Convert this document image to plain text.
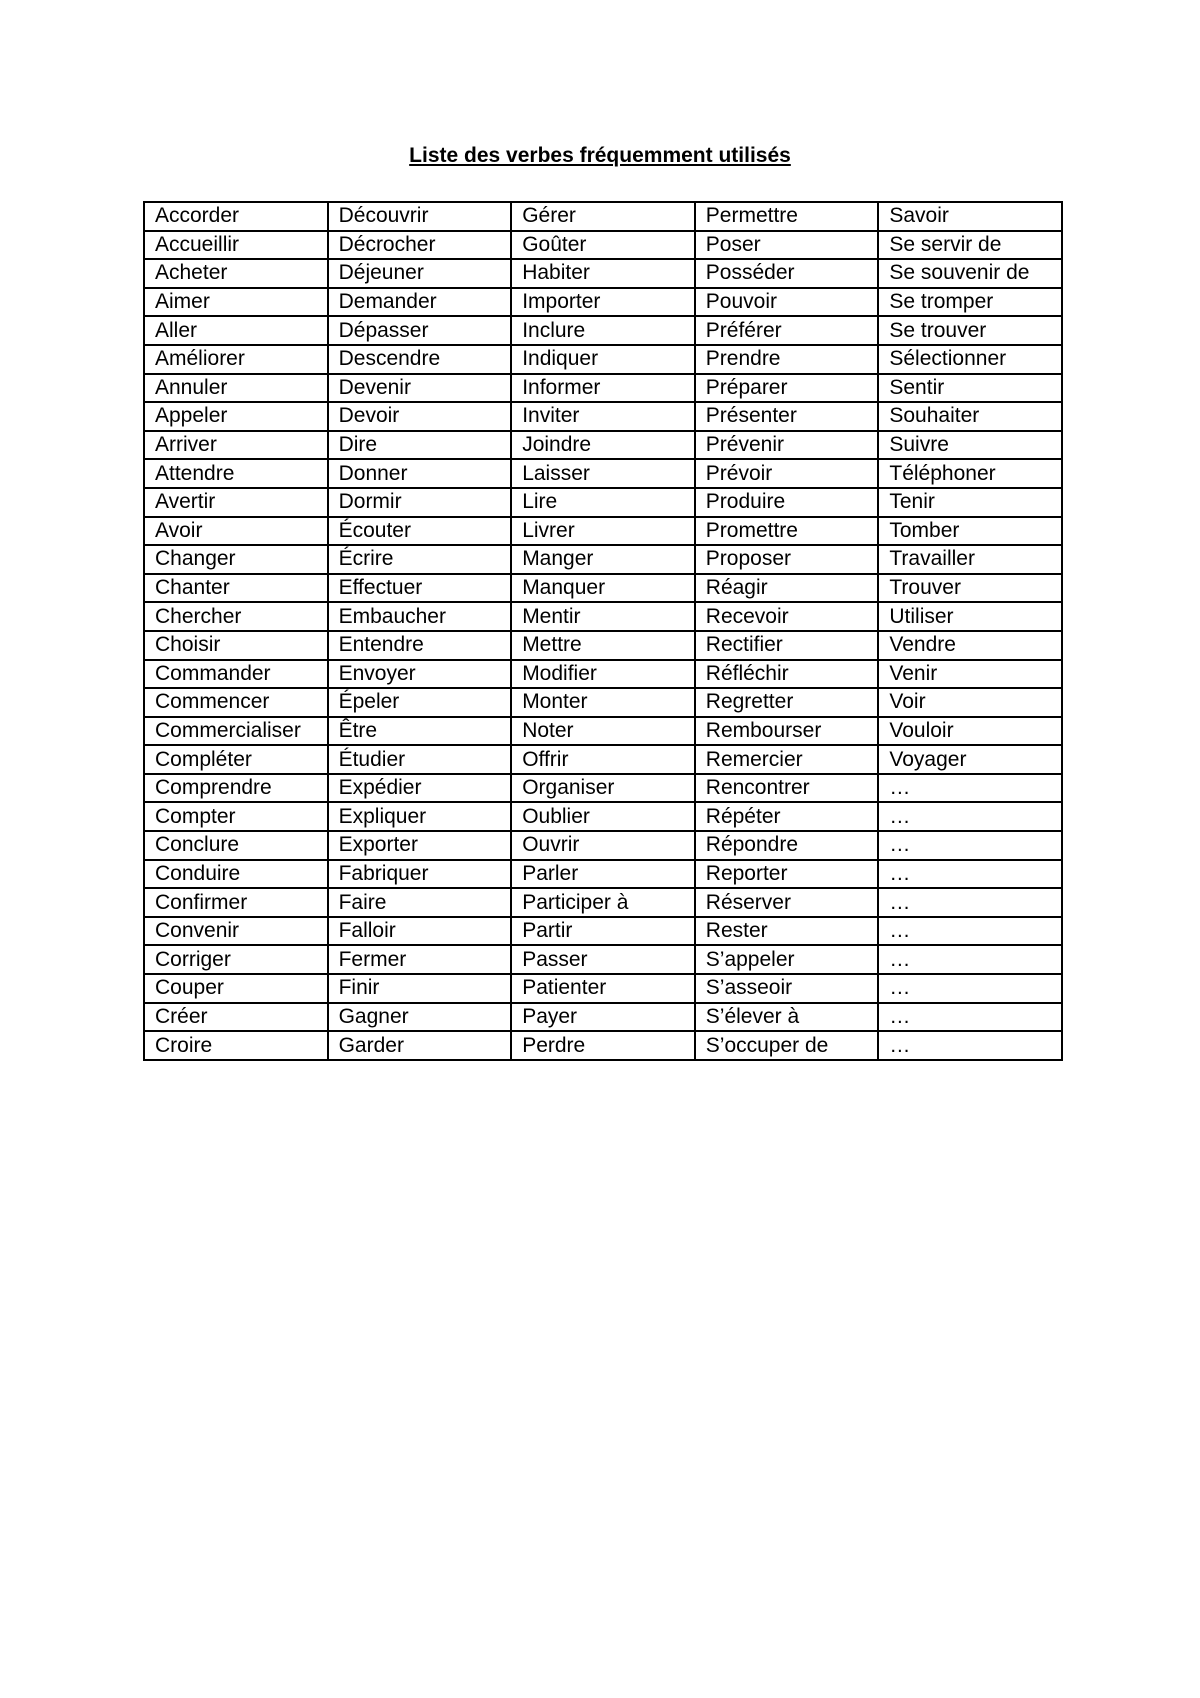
Liste des verbes fréquemment utilisés
Accorder	Découvrir	Gérer	Permettre	Savoir
Accueillir	Décrocher	Goûter	Poser	Se servir de
Acheter	Déjeuner	Habiter	Posséder	Se souvenir de
Aimer	Demander	Importer	Pouvoir	Se tromper
Aller	Dépasser	Inclure	Préférer	Se trouver
Améliorer	Descendre	Indiquer	Prendre	Sélectionner
Annuler	Devenir	Informer	Préparer	Sentir
Appeler	Devoir	Inviter	Présenter	Souhaiter
Arriver	Dire	Joindre	Prévenir	Suivre
Attendre	Donner	Laisser	Prévoir	Téléphoner
Avertir	Dormir	Lire	Produire	Tenir
Avoir	Écouter	Livrer	Promettre	Tomber
Changer	Écrire	Manger	Proposer	Travailler
Chanter	Effectuer	Manquer	Réagir	Trouver
Chercher	Embaucher	Mentir	Recevoir	Utiliser
Choisir	Entendre	Mettre	Rectifier	Vendre
Commander	Envoyer	Modifier	Réfléchir	Venir
Commencer	Épeler	Monter	Regretter	Voir
Commercialiser	Être	Noter	Rembourser	Vouloir
Compléter	Étudier	Offrir	Remercier	Voyager
Comprendre	Expédier	Organiser	Rencontrer	…
Compter	Expliquer	Oublier	Répéter	…
Conclure	Exporter	Ouvrir	Répondre	…
Conduire	Fabriquer	Parler	Reporter	…
Confirmer	Faire	Participer à	Réserver	…
Convenir	Falloir	Partir	Rester	…
Corriger	Fermer	Passer	S’appeler	…
Couper	Finir	Patienter	S’asseoir	…
Créer	Gagner	Payer	S’élever à	…
Croire	Garder	Perdre	S’occuper de	…
